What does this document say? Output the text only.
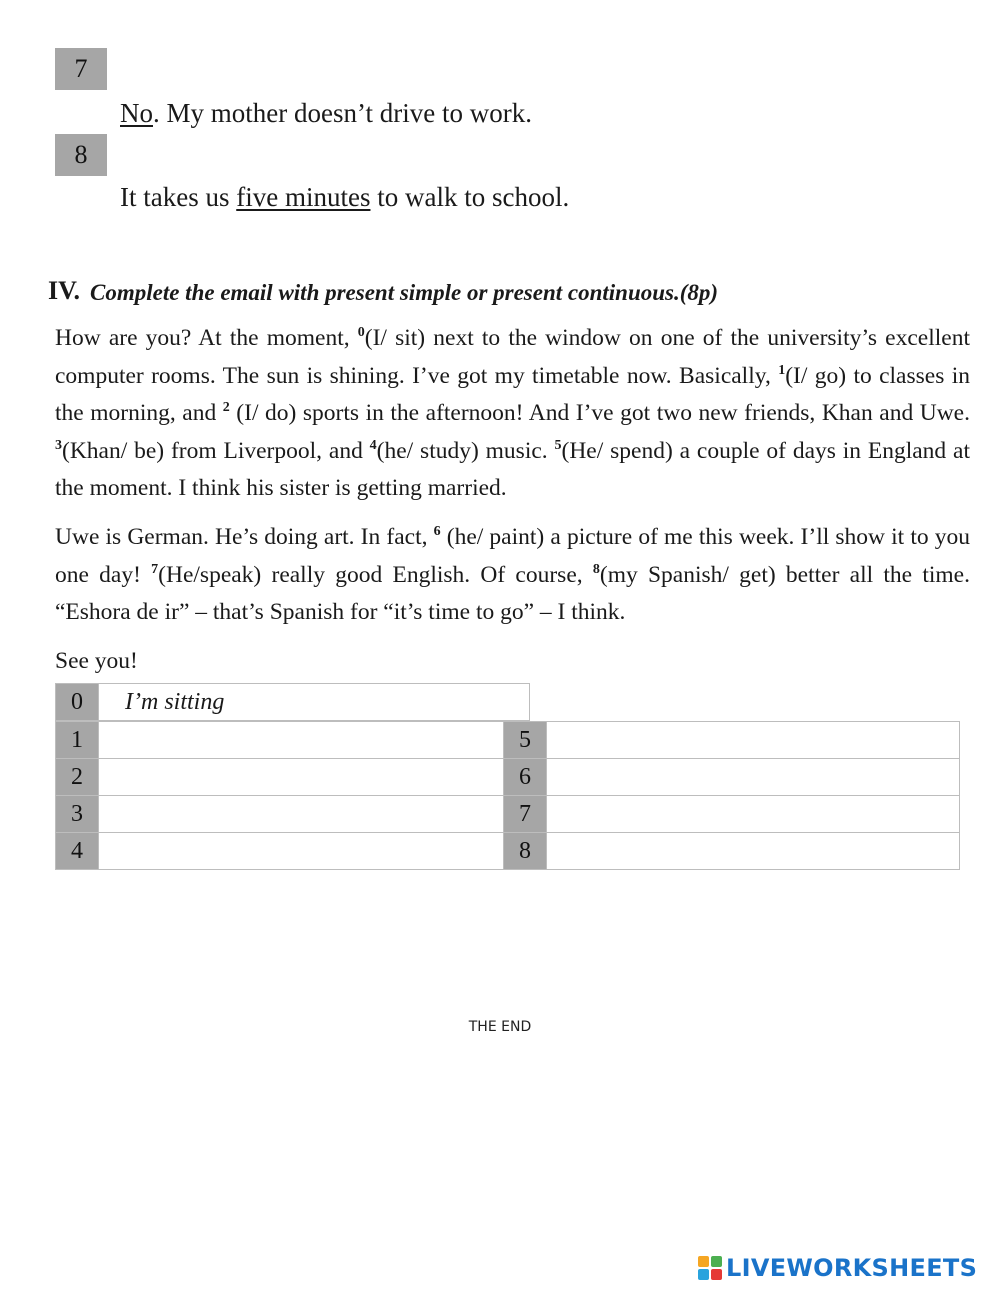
7
No. My mother doesn’t drive to work.
8
It takes us five minutes to walk to school.
IV. Complete the email with present simple or present continuous.(8p)

How are you? At the moment, $^0$(I/ sit) next to the window on one of the university’s excellent computer rooms. The sun is shining. I’ve got my timetable now. Basically, $^1$(I/ go) to classes in the morning, and $^2$ (I/ do) sports in the afternoon! And I’ve got two new friends, Khan and Uwe. $^3$(Khan/ be) from Liverpool, and $^4$(he/ study) music. $^5$(He/ spend) a couple of days in England at the moment. I think his sister is getting married.

Uwe is German. He’s doing art. In fact, $^6$ (he/ paint) a picture of me this week. I’ll show it to you one day! $^7$(He/speak) really good English. Of course, $^8$(my Spanish/ get) better all the time. “Eshora de ir” – that’s Spanish for “it’s time to go” – I think.

See you!
0	I’m sitting
1		5	
2		6	
3		7	
4		8	
THE END
LIVEWORKSHEETS
